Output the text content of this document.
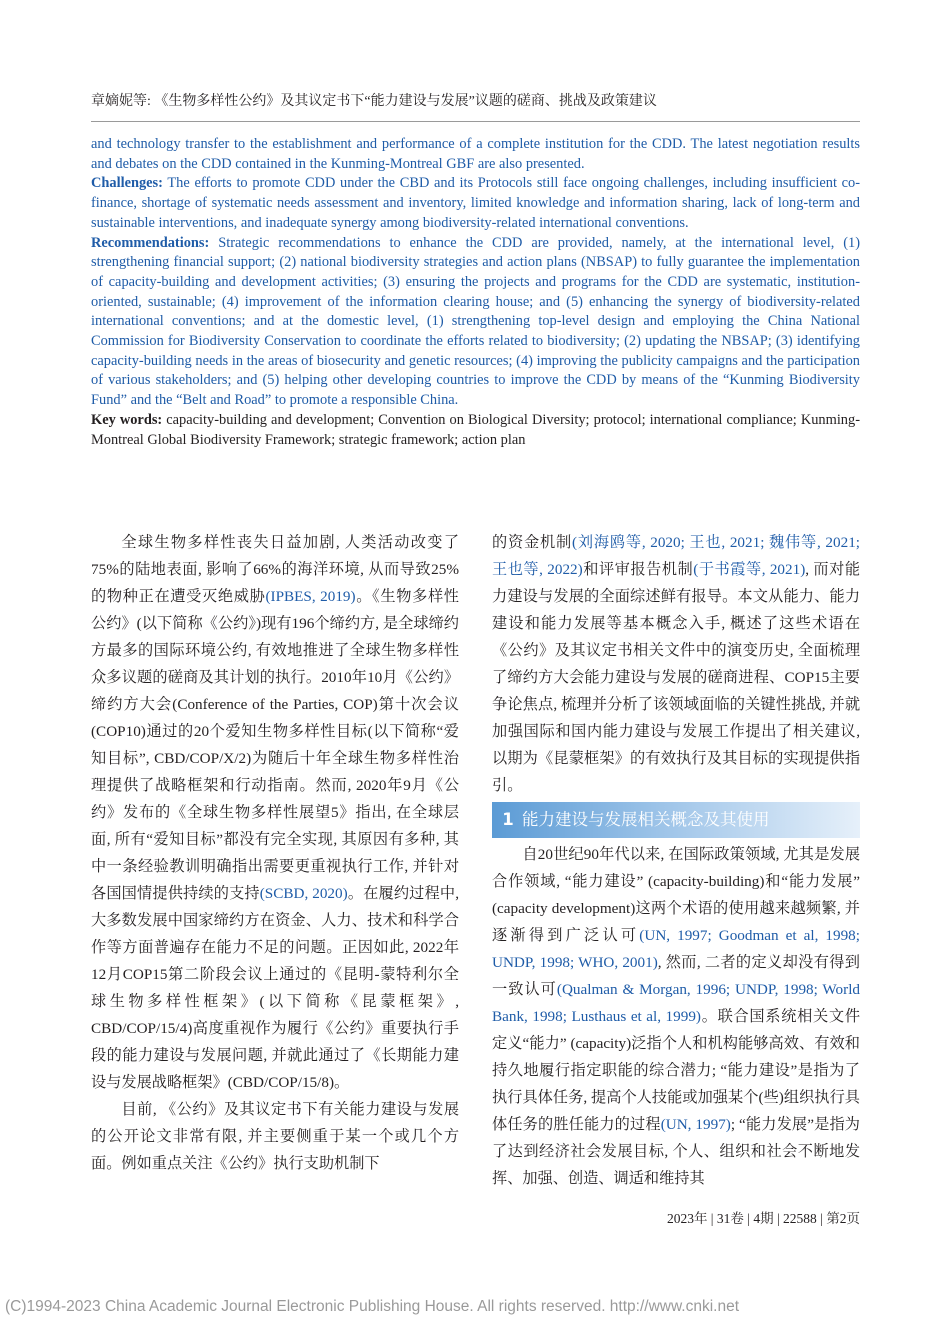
章嫡妮等: 《生物多样性公约》及其议定书下“能力建设与发展”议题的磋商、挑战及政策建议

and technology transfer to the establishment and performance of a complete institution for the CDD. The latest negotiation results and debates on the CDD contained in the Kunming-Montreal GBF are also presented.

Challenges: The efforts to promote CDD under the CBD and its Protocols still face ongoing challenges, including insufficient co-finance, shortage of systematic needs assessment and inventory, limited knowledge and information sharing, lack of long-term and sustainable interventions, and inadequate synergy among biodiversity-related international conventions.

Recommendations: Strategic recommendations to enhance the CDD are provided, namely, at the international level, (1) strengthening financial support; (2) national biodiversity strategies and action plans (NBSAP) to fully guarantee the implementation of capacity-building and development activities; (3) ensuring the projects and programs for the CDD are systematic, institution-oriented, sustainable; (4) improvement of the information clearing house; and (5) enhancing the synergy of biodiversity-related international conventions; and at the domestic level, (1) strengthening top-level design and employing the China National Commission for Biodiversity Conservation to coordinate the efforts related to biodiversity; (2) updating the NBSAP; (3) identifying capacity-building needs in the areas of biosecurity and genetic resources; (4) improving the publicity campaigns and the participation of various stakeholders; and (5) helping other developing countries to improve the CDD by means of the “Kunming Biodiversity Fund” and the “Belt and Road” to promote a responsible China.

Key words: capacity-building and development; Convention on Biological Diversity; protocol; international compliance; Kunming-Montreal Global Biodiversity Framework; strategic framework; action plan

全球生物多样性丧失日益加剧, 人类活动改变了75%的陆地表面, 影响了66%的海洋环境, 从而导致25%的物种正在遭受灭绝威胁(IPBES, 2019)。《生物多样性公约》(以下简称《公约》)现有196个缔约方, 是全球缔约方最多的国际环境公约, 有效地推进了全球生物多样性众多议题的磋商及其计划的执行。2010年10月《公约》缔约方大会(Conference of the Parties, COP)第十次会议(COP10)通过的20个爱知生物多样性目标(以下简称“爱知目标”, CBD/COP/X/2)为随后十年全球生物多样性治理提供了战略框架和行动指南。然而, 2020年9月《公约》发布的《全球生物多样性展望5》指出, 在全球层面, 所有“爱知目标”都没有完全实现, 其原因有多种, 其中一条经验教训明确指出需要更重视执行工作, 并针对各国国情提供持续的支持(SCBD, 2020)。在履约过程中, 大多数发展中国家缔约方在资金、人力、技术和科学合作等方面普遍存在能力不足的问题。正因如此, 2022年12月COP15第二阶段会议上通过的《昆明-蒙特利尔全球生物多样性框架》(以下简称《昆蒙框架》, CBD/COP/15/4)高度重视作为履行《公约》重要执行手段的能力建设与发展问题, 并就此通过了《长期能力建设与发展战略框架》(CBD/COP/15/8)。

目前, 《公约》及其议定书下有关能力建设与发展的公开论文非常有限, 并主要侧重于某一个或几个方面。例如重点关注《公约》执行支助机制下

的资金机制(刘海鸥等, 2020; 王也, 2021; 魏伟等, 2021; 王也等, 2022)和评审报告机制(于书霞等, 2021), 而对能力建设与发展的全面综述鲜有报导。本文从能力、能力建设和能力发展等基本概念入手, 概述了这些术语在《公约》及其议定书相关文件中的演变历史, 全面梳理了缔约方大会能力建设与发展的磋商进程、COP15主要争论焦点, 梳理并分析了该领域面临的关键性挑战, 并就加强国际和国内能力建设与发展工作提出了相关建议, 以期为《昆蒙框架》的有效执行及其目标的实现提供指引。

1 能力建设与发展相关概念及其使用

自20世纪90年代以来, 在国际政策领域, 尤其是发展合作领域, “能力建设” (capacity-building)和“能力发展” (capacity development)这两个术语的使用越来越频繁, 并逐渐得到广泛认可(UN, 1997; Goodman et al, 1998; UNDP, 1998; WHO, 2001), 然而, 二者的定义却没有得到一致认可(Qualman & Morgan, 1996; UNDP, 1998; World Bank, 1998; Lusthaus et al, 1999)。联合国系统相关文件定义“能力” (capacity)泛指个人和机构能够高效、有效和持久地履行指定职能的综合潜力; “能力建设”是指为了执行具体任务, 提高个人技能或加强某个(些)组织执行具体任务的胜任能力的过程(UN, 1997); “能力发展”是指为了达到经济社会发展目标, 个人、组织和社会不断地发挥、加强、创造、调适和维持其

2023年 | 31卷 | 4期 | 22588 | 第2页
(C)1994-2023 China Academic Journal Electronic Publishing House. All rights reserved. http://www.cnki.net
